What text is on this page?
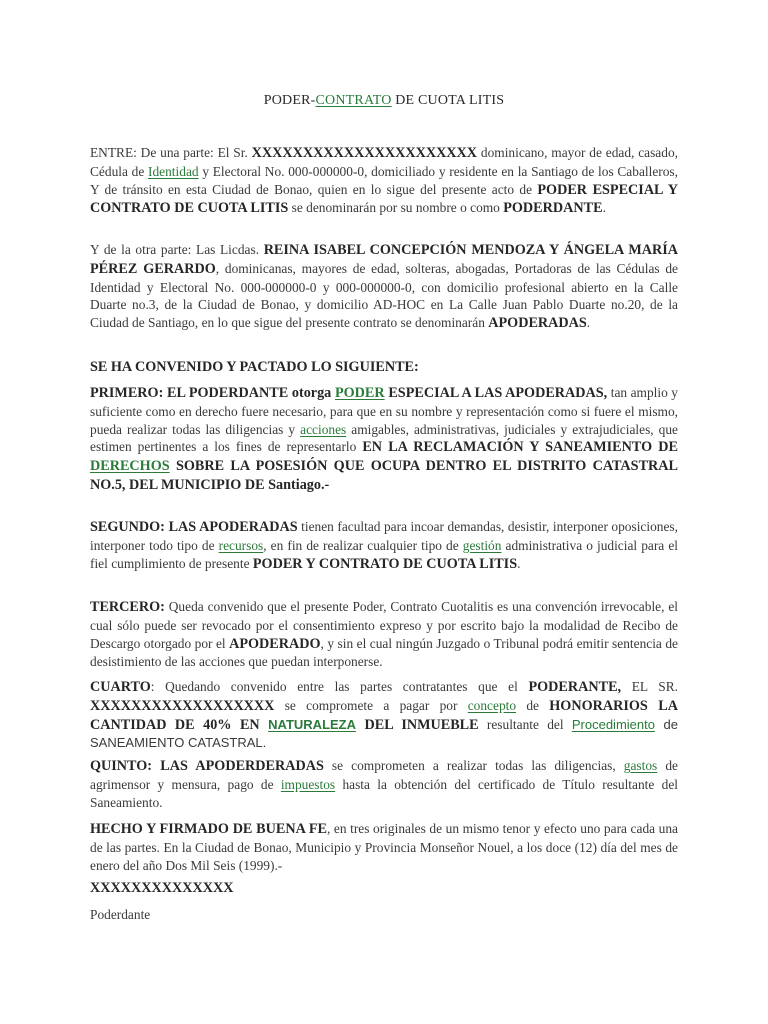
PODER-CONTRATO DE CUOTA LITIS

ENTRE: De una parte: El Sr. XXXXXXXXXXXXXXXXXXXXXX dominicano, mayor de edad, casado, Cédula de Identidad y Electoral No. 000-000000-0, domiciliado y residente en la Santiago de los Caballeros, Y de tránsito en esta Ciudad de Bonao, quien en lo sigue del presente acto de PODER ESPECIAL Y CONTRATO DE CUOTA LITIS se denominarán por su nombre o como PODERDANTE.

Y de la otra parte: Las Licdas. REINA ISABEL CONCEPCIÓN MENDOZA Y ÁNGELA MARÍA PÉREZ GERARDO, dominicanas, mayores de edad, solteras, abogadas, Portadoras de las Cédulas de Identidad y Electoral No. 000-000000-0 y 000-000000-0, con domicilio profesional abierto en la Calle Duarte no.3, de la Ciudad de Bonao, y domicilio AD-HOC en La Calle Juan Pablo Duarte no.20, de la Ciudad de Santiago, en lo que sigue del presente contrato se denominarán APODERADAS.

SE HA CONVENIDO Y PACTADO LO SIGUIENTE:

PRIMERO: EL PODERDANTE otorga PODER ESPECIAL A LAS APODERADAS, tan amplio y suficiente como en derecho fuere necesario, para que en su nombre y representación como si fuere el mismo, pueda realizar todas las diligencias y acciones amigables, administrativas, judiciales y extrajudiciales, que estimen pertinentes a los fines de representarlo EN LA RECLAMACIÓN Y SANEAMIENTO DE DERECHOS SOBRE LA POSESIÓN QUE OCUPA DENTRO EL DISTRITO CATASTRAL NO.5, DEL MUNICIPIO DE Santiago.-

SEGUNDO: LAS APODERADAS tienen facultad para incoar demandas, desistir, interponer oposiciones, interponer todo tipo de recursos, en fin de realizar cualquier tipo de gestión administrativa o judicial para el fiel cumplimiento de presente PODER Y CONTRATO DE CUOTA LITIS.

TERCERO: Queda convenido que el presente Poder, Contrato Cuotalitis es una convención irrevocable, el cual sólo puede ser revocado por el consentimiento expreso y por escrito bajo la modalidad de Recibo de Descargo otorgado por el APODERADO, y sin el cual ningún Juzgado o Tribunal podrá emitir sentencia de desistimiento de las acciones que puedan interponerse.

CUARTO: Quedando convenido entre las partes contratantes que el PODERANTE, EL SR. XXXXXXXXXXXXXXXXXX se compromete a pagar por concepto de HONORARIOS LA CANTIDAD DE 40% EN NATURALEZA DEL INMUEBLE resultante del Procedimiento de SANEAMIENTO CATASTRAL.

QUINTO: LAS APODERDERADAS se comprometen a realizar todas las diligencias, gastos de agrimensor y mensura, pago de impuestos hasta la obtención del certificado de Título resultante del Saneamiento.

HECHO Y FIRMADO DE BUENA FE, en tres originales de un mismo tenor y efecto uno para cada una de las partes. En la Ciudad de Bonao, Municipio y Provincia Monseñor Nouel, a los doce (12) día del mes de enero del año Dos Mil Seis (1999).-

XXXXXXXXXXXXXX
Poderdante
